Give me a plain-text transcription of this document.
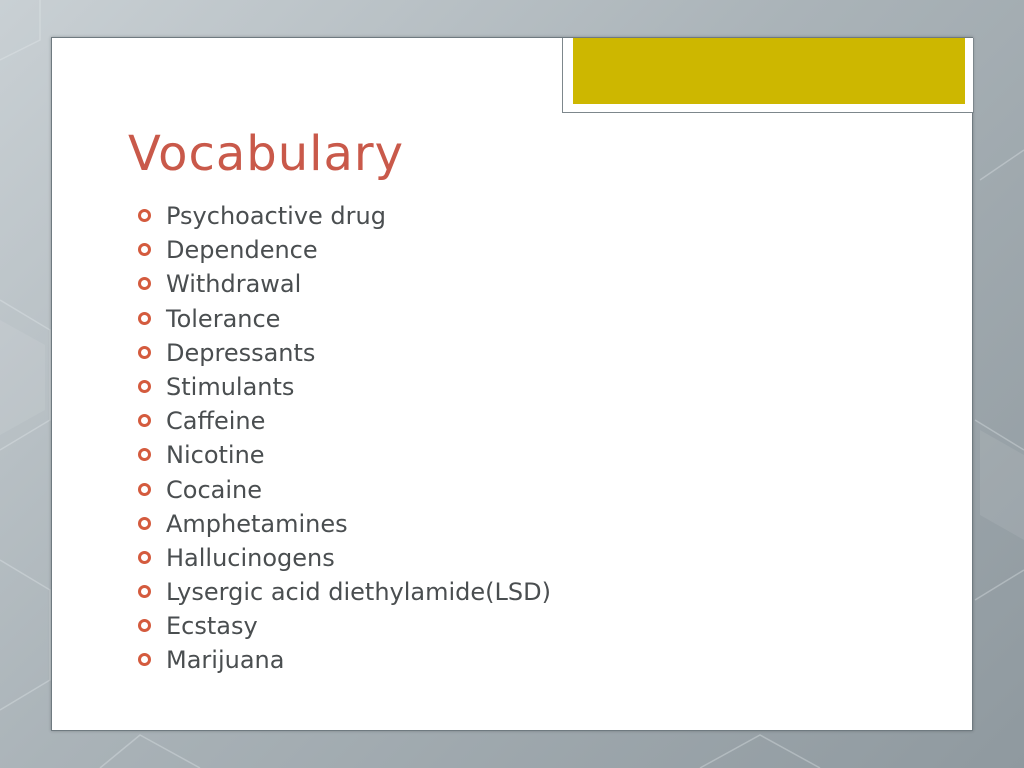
Vocabulary
Psychoactive drug
Dependence
Withdrawal
Tolerance
Depressants
Stimulants
Caffeine
Nicotine
Cocaine
Amphetamines
Hallucinogens
Lysergic acid diethylamide(LSD)
Ecstasy
Marijuana
